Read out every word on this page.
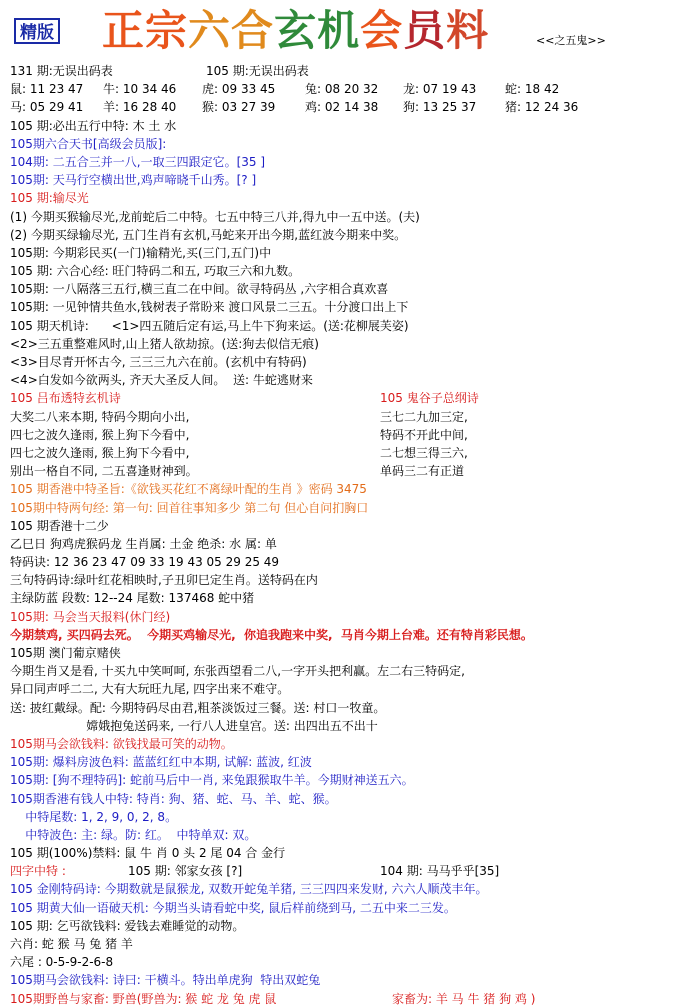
精版 正宗六合玄机会员料	<<之五鬼>>
131 期:无误出码表	105 期:无误出码表
鼠: 11 23 47 牛: 10 34 46 虎: 09 33 45 兔: 08 20 32 龙: 07 19 43 蛇: 18 42
马: 05 29 41 羊: 16 28 40 猴: 03 27 39 鸡: 02 14 38 狗: 13 25 37 猪: 12 24 36
105 期:必出五行中特: 木 土 水
105期六合天书[高级会员版]:
104期: 二五合三并一八,一取三四跟定它。[35 ]
105期: 天马行空横出世,鸡声啼晓千山秀。[? ]
105 期:输尽光
(1) 今期买猴输尽光,龙前蛇后二中特。七五中特三八并,得九中一五中送。(夫)
(2) 今期买绿输尽光, 五门生肖有玄机,马蛇来开出今期,蓝红波今期来中奖。
105期: 今期彩民买(一门)输精光,买(三门,五门)中
105 期: 六合心经: 旺门特码二和五, 巧取三六和九数。
105期: 一八隔落三五行,横三直二在中间。欲寻特码丛 ,六字相合真欢喜
105期: 一见钟情共鱼水,钱树表子常盼来 渡口风景二三五。十分渡口出上下
105 期天机诗:      <1>四五随后定有运,马上牛下狗来运。(送:花柳展芙姿)
<2>三五重整难风时,山上猪人欲劫掠。(送:狗去似信无痕)
<3>目尽青开怀古今, 三三三九六在前。(玄机中有特码)
<4>白发如今欲两头, 齐天大圣反人间。  送: 牛蛇逃财来
105 吕布透特玄机诗	105 鬼谷子总纲诗
大奖二八来本期, 特码今期向小出,	三七二九加三定,
四七之波久逢雨, 猴上狗下今看中,	特码不开此中间,
四七之波久逢雨, 猴上狗下今看中,	二七想三得三六,
别出一格自不同, 二五喜逢财神到。	单码三二有正道
105 期香港中特圣旨:《欲钱买花红不离绿叶配的生肖 》密码 3475
105期中特两句经: 第一句: 回首往事知多少 第二句 但心自问扪胸口
105 期香港十二少
乙巳日 狗鸡虎猴码龙 生肖属: 土金 绝杀: 水 属: 单
特码诀: 12 36 23 47 09 33 19 43 05 29 25 49
三句特码诗:绿叶红花相映时,子丑卯巳定生肖。送特码在内
主绿防蓝 段数: 12--24 尾数: 137468 蛇中猪
105期: 马会当天报料(休门经)
今期禁鸡, 买四码去死。  今期买鸡输尽光,  你追我跑来中奖,  马肖今期上台难。还有特肖彩民想。
105期 澳门葡京赌侠
今期生肖又是看, 十买九中笑呵呵, 东张西望看二八,一字开头把利赢。左二右三特码定,
异口同声呼二二, 大有大玩旺九尾, 四字出来不难守。
送: 披红戴绿。配: 今期特码尽由君,粗茶淡饭过三餐。送: 村口一牧童。
嫦娥抱兔送码来, 一行八人进皇宫。送: 出四出五不出十
105期马会欲钱料: 欲钱找最可笑的动物。
105期: 爆料房波色料: 蓝蓝红红中本期, 试解: 蓝波, 红波
105期: [狗不理特码]: 蛇前马后中一肖, 来兔跟猴取牛羊。今期财神送五六。
105期香港有钱人中特: 特肖: 狗、猪、蛇、马、羊、蛇、猴。
中特尾数: 1, 2, 9, 0, 2, 8。
中特波色: 主: 绿。防: 红。  中特单双: 双。
105 期(100%)禁料: 鼠 牛 肖 0 头 2 尾 04 合 金行
四字中特 :	105 期: 邻家女孩 [?]	104 期: 马马乎乎[35]
105 金刚特码诗: 今期数就是鼠猴龙, 双数开蛇兔羊猪, 三三四四来发财, 六六人顺茂丰年。
105 期黄大仙一语破天机: 今期当头请看蛇中奖, 鼠后样前绕到马, 二五中来二三发。
105 期: 乞丐欲钱料: 爱钱去难睡觉的动物。
六肖: 蛇 猴 马 兔 猪 羊
六尾 : 0-5-9-2-6-8
105期马会欲钱料: 诗曰: 干横斗。特出单虎狗  特出双蛇兔
105期野兽与家畜: 野兽(野兽为: 猴 蛇 龙 兔 虎 鼠	家畜为: 羊 马 牛 猪 狗 鸡 )
